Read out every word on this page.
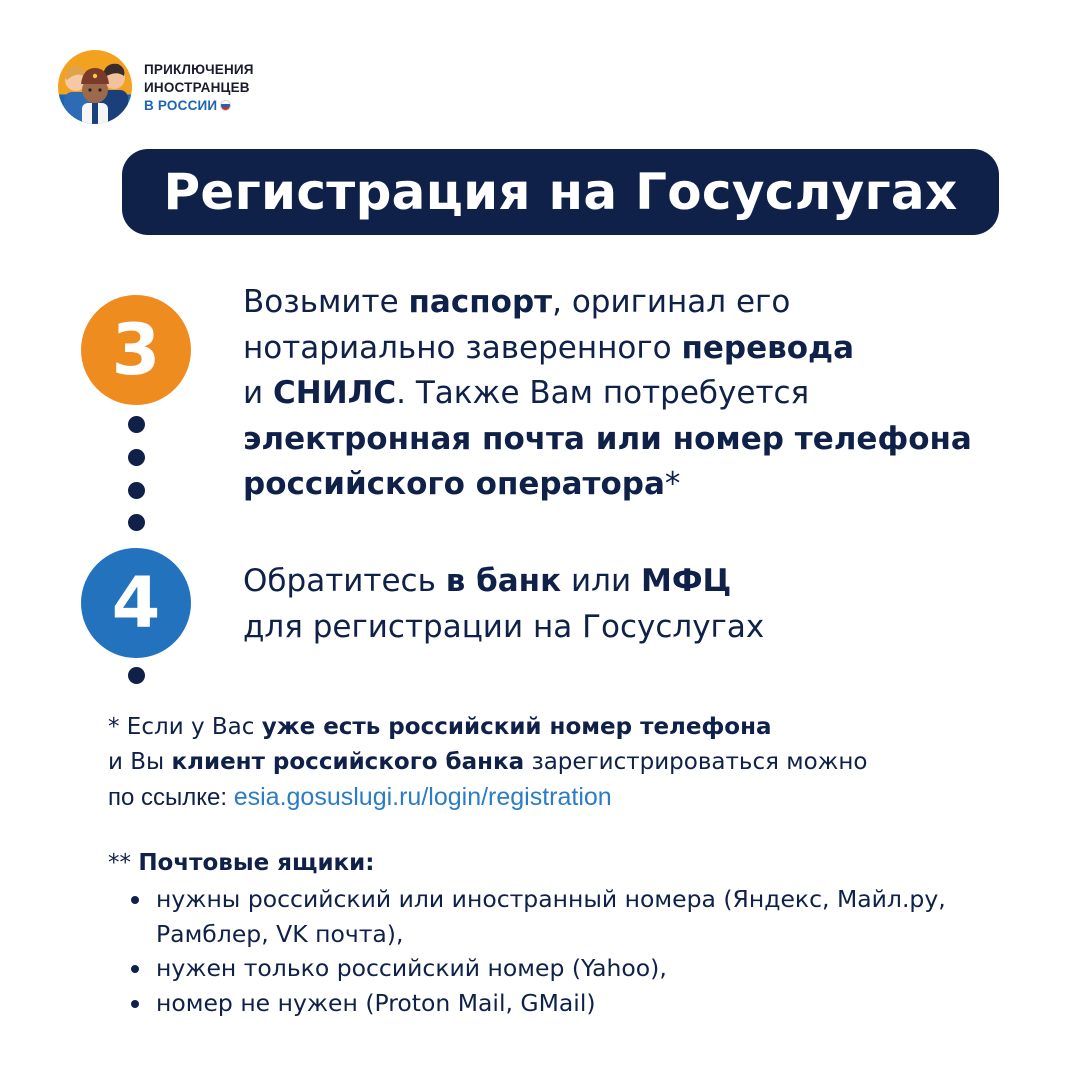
ПРИКЛЮЧЕНИЯ
ИНОСТРАНЦЕВ
В РОССИИ
Регистрация на Госуслугах
3
Возьмите паспорт, оригинал его
нотариально заверенного перевода
и СНИЛС. Также Вам потребуется
электронная почта или номер телефона
российского оператора*
4	Обратитесь в банк или МФЦ
для регистрации на Госуслугах
* Если у Вас уже есть российский номер телефона
и Вы клиент российского банка зарегистрироваться можно
по ссылке: esia.gosuslugi.ru/login/registration
** Почтовые ящики:
нужны российский или иностранный номера (Яндекс, Майл.ру,
Рамблер, VK почта),
нужен только российский номер (Yahoo),
номер не нужен (Proton Mail, GMail)
